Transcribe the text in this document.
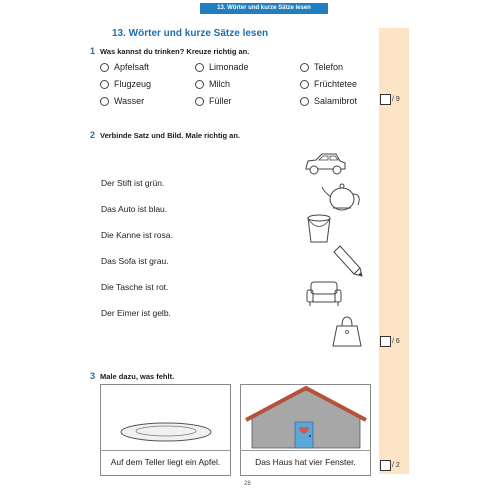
13. Wörter und kurze Sätze lesen
13. Wörter und kurze Sätze lesen
1 Was kannst du trinken? Kreuze richtig an.
Apfelsaft	Limonade	Telefon
Flugzeug	Milch	Früchtetee
Wasser	Füller	Salamibrot	/ 9
2 Verbinde Satz und Bild. Male richtig an.
Der Stift ist grün.
Das Auto ist blau.
Die Kanne ist rosa.
Das Sofa ist grau.
Die Tasche ist rot.
Der Eimer ist gelb.
/ 6
3 Male dazu, was fehlt.
Auf dem Teller liegt ein Apfel.	Das Haus hat vier Fenster.	/ 2
28
